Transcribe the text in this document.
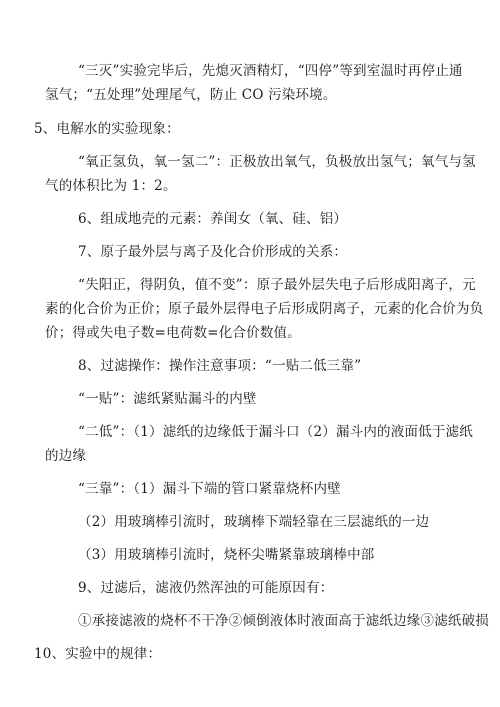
“三灭”实验完毕后，先熄灭酒精灯，“四停”等到室温时再停止通
氢气；“五处理”处理尾气，防止 CO 污染环境。
5、电解水的实验现象：
“氧正氢负，氧一氢二”：正极放出氧气，负极放出氢气；氧气与氢
气的体积比为 1：2。
6、组成地壳的元素：养闺女（氧、硅、铝）
7、原子最外层与离子及化合价形成的关系：
“失阳正，得阴负，值不变”：原子最外层失电子后形成阳离子，元
素的化合价为正价；原子最外层得电子后形成阴离子，元素的化合价为负
价；得或失电子数=电荷数=化合价数值。
8、过滤操作：操作注意事项：“一贴二低三靠”
“一贴”：滤纸紧贴漏斗的内壁
“二低”：（1）滤纸的边缘低于漏斗口（2）漏斗内的液面低于滤纸
的边缘
“三靠”：（1）漏斗下端的管口紧靠烧杯内壁
（2）用玻璃棒引流时，玻璃棒下端轻靠在三层滤纸的一边
（3）用玻璃棒引流时，烧杯尖嘴紧靠玻璃棒中部
9、过滤后，滤液仍然浑浊的可能原因有：
①承接滤液的烧杯不干净②倾倒液体时液面高于滤纸边缘③滤纸破损
10、实验中的规律：
